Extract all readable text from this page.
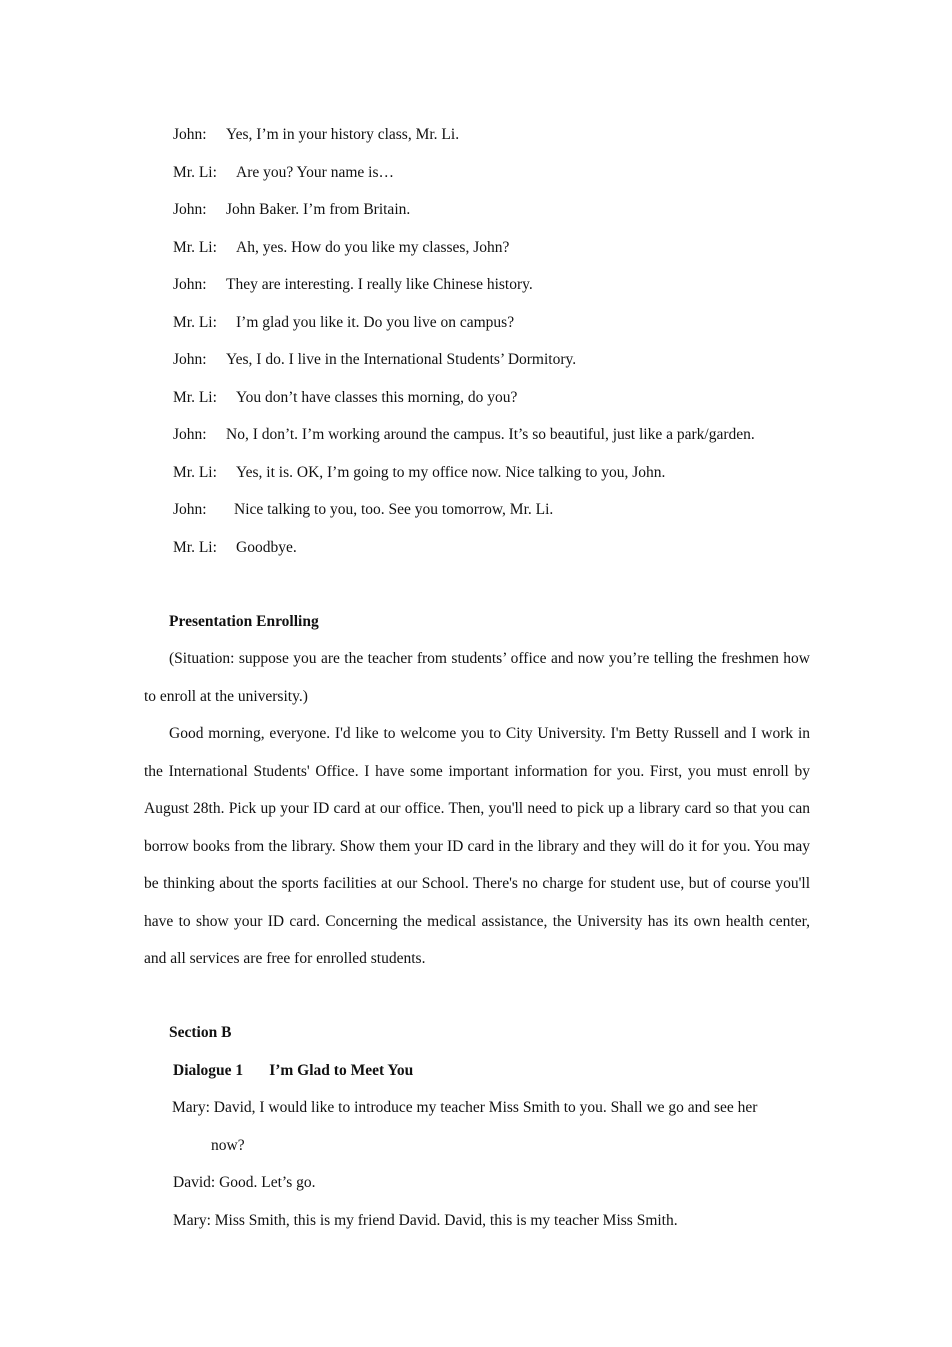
John: Yes, I’m in your history class, Mr. Li.
Mr. Li: Are you? Your name is…
John: John Baker. I’m from Britain.
Mr. Li: Ah, yes. How do you like my classes, John?
John: They are interesting. I really like Chinese history.
Mr. Li: I’m glad you like it. Do you live on campus?
John: Yes, I do. I live in the International Students’ Dormitory.
Mr. Li: You don’t have classes this morning, do you?
John: No, I don’t. I’m working around the campus. It’s so beautiful, just like a park/garden.
Mr. Li: Yes, it is. OK, I’m going to my office now. Nice talking to you, John.
John: Nice talking to you, too. See you tomorrow, Mr. Li.
Mr. Li: Goodbye.
Presentation Enrolling

(Situation: suppose you are the teacher from students’ office and now you’re telling the freshmen how to enroll at the university.)

Good morning, everyone. I'd like to welcome you to City University. I'm Betty Russell and I work in the International Students' Office. I have some important information for you. First, you must enroll by August 28th. Pick up your ID card at our office. Then, you'll need to pick up a library card so that you can borrow books from the library. Show them your ID card in the library and they will do it for you. You may be thinking about the sports facilities at our School. There's no charge for student use, but of course you'll have to show your ID card. Concerning the medical assistance, the University has its own health center, and all services are free for enrolled students.

Section B
Dialogue 1 I’m Glad to Meet You
Mary: David, I would like to introduce my teacher Miss Smith to you. Shall we go and see her
now?
David: Good. Let’s go.
Mary: Miss Smith, this is my friend David. David, this is my teacher Miss Smith.
